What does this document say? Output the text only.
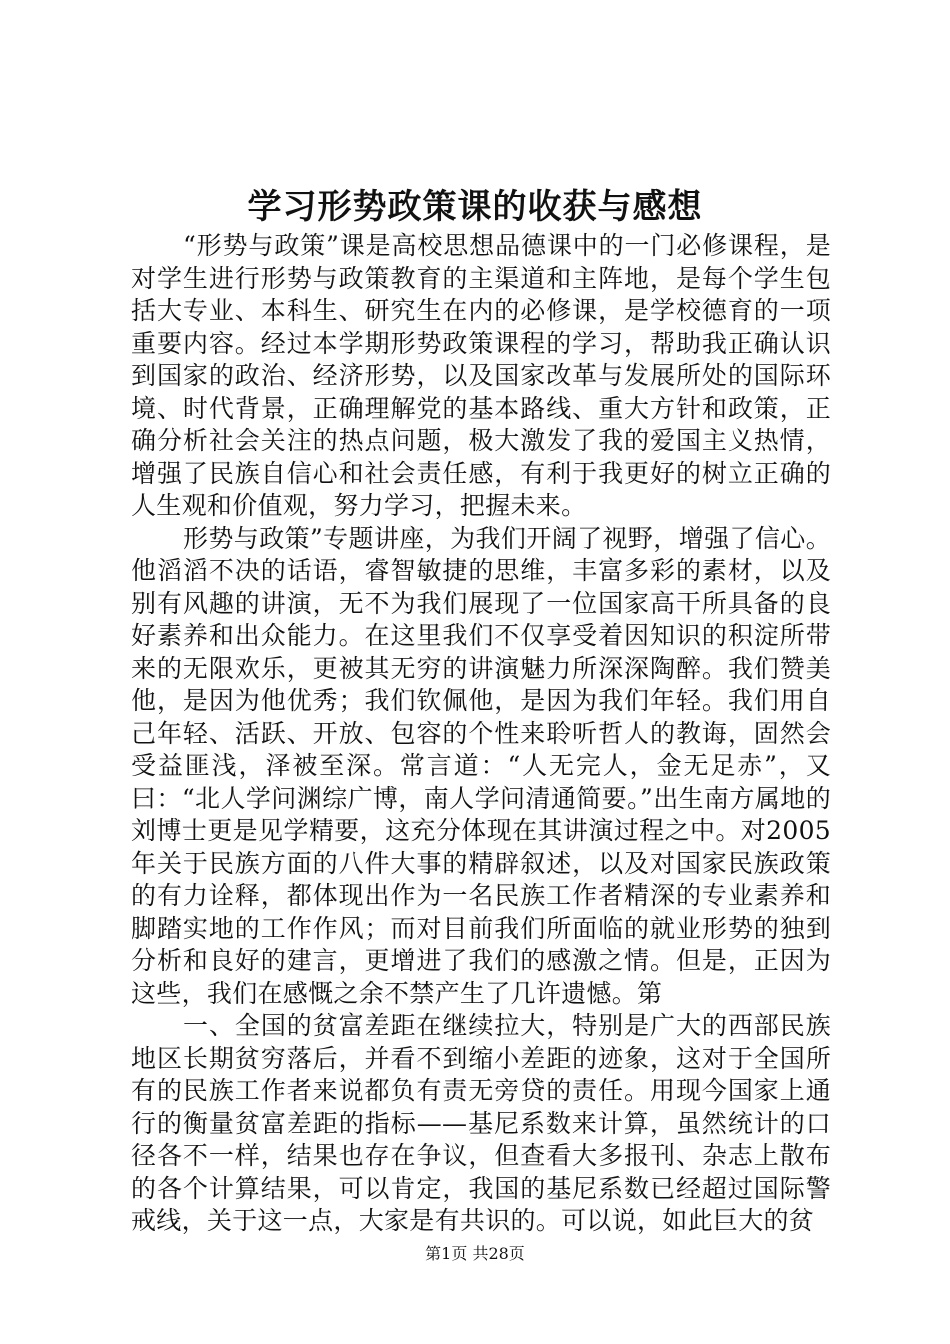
学习形势政策课的收获与感想

“形势与政策”课是高校思想品德课中的一门必修课程，是对学生进行形势与政策教育的主渠道和主阵地，是每个学生包括大专业、本科生、研究生在内的必修课，是学校德育的一项重要内容。经过本学期形势政策课程的学习，帮助我正确认识到国家的政治、经济形势，以及国家改革与发展所处的国际环境、时代背景，正确理解党的基本路线、重大方针和政策，正确分析社会关注的热点问题，极大激发了我的爱国主义热情，增强了民族自信心和社会责任感，有利于我更好的树立正确的人生观和价值观，努力学习，把握未来。

形势与政策”专题讲座，为我们开阔了视野，增强了信心。他滔滔不决的话语，睿智敏捷的思维，丰富多彩的素材，以及别有风趣的讲演，无不为我们展现了一位国家高干所具备的良好素养和出众能力。在这里我们不仅享受着因知识的积淀所带来的无限欢乐，更被其无穷的讲演魅力所深深陶醉。我们赞美他，是因为他优秀；我们钦佩他，是因为我们年轻。我们用自己年轻、活跃、开放、包容的个性来聆听哲人的教诲，固然会受益匪浅，泽被至深。常言道：“人无完人，金无足赤”，又曰：“北人学问渊综广博，南人学问清通简要。”出生南方属地的刘博士更是见学精要，这充分体现在其讲演过程之中。对2005年关于民族方面的八件大事的精辟叙述，以及对国家民族政策的有力诠释，都体现出作为一名民族工作者精深的专业素养和脚踏实地的工作作风；而对目前我们所面临的就业形势的独到分析和良好的建言，更增进了我们的感激之情。但是，正因为这些，我们在感慨之余不禁产生了几许遗憾。第

一、全国的贫富差距在继续拉大，特别是广大的西部民族地区长期贫穷落后，并看不到缩小差距的迹象，这对于全国所有的民族工作者来说都负有责无旁贷的责任。用现今国家上通行的衡量贫富差距的指标——基尼系数来计算，虽然统计的口径各不一样，结果也存在争议，但查看大多报刊、杂志上散布的各个计算结果，可以肯定，我国的基尼系数已经超过国际警戒线，关于这一点，大家是有共识的。可以说，如此巨大的贫

第1页 共28页
